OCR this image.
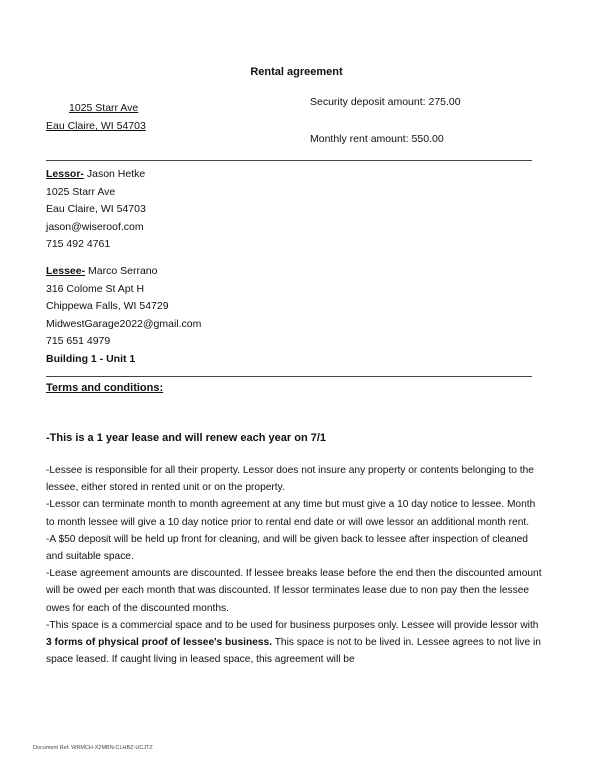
Rental agreement
1025 Starr Ave
Eau Claire, WI 54703
Security deposit amount: 275.00
Monthly rent amount: 550.00
Lessor- Jason Hetke
1025 Starr Ave
Eau Claire, WI 54703
jason@wiseroof.com
715 492 4761
Lessee- Marco Serrano
316 Colome St Apt H
Chippewa Falls, WI 54729
MidwestGarage2022@gmail.com
715 651 4979
Building 1 - Unit 1
Terms and conditions:
-This is a 1 year lease and will renew each year on 7/1

-Lessee is responsible for all their property. Lessor does not insure any property or contents belonging to the lessee, either stored in rented unit or on the property.

-Lessor can terminate month to month agreement at any time but must give a 10 day notice to lessee. Month to month lessee will give a 10 day notice prior to rental end date or will owe lessor an additional month rent.

-A $50 deposit will be held up front for cleaning, and will be given back to lessee after inspection of cleaned and suitable space.

-Lease agreement amounts are discounted. If lessee breaks lease before the end then the discounted amount will be owed per each month that was discounted. If lessor terminates lease due to non pay then the lessee owes for each of the discounted months.

-This space is a commercial space and to be used for business purposes only. Lessee will provide lessor with 3 forms of physical proof of lessee's business. This space is not to be lived in. Lessee agrees to not live in space leased. If caught living in leased space, this agreement will be

Document Ref: WRMCH-X2MBN-CLHBZ-UCJTZ
